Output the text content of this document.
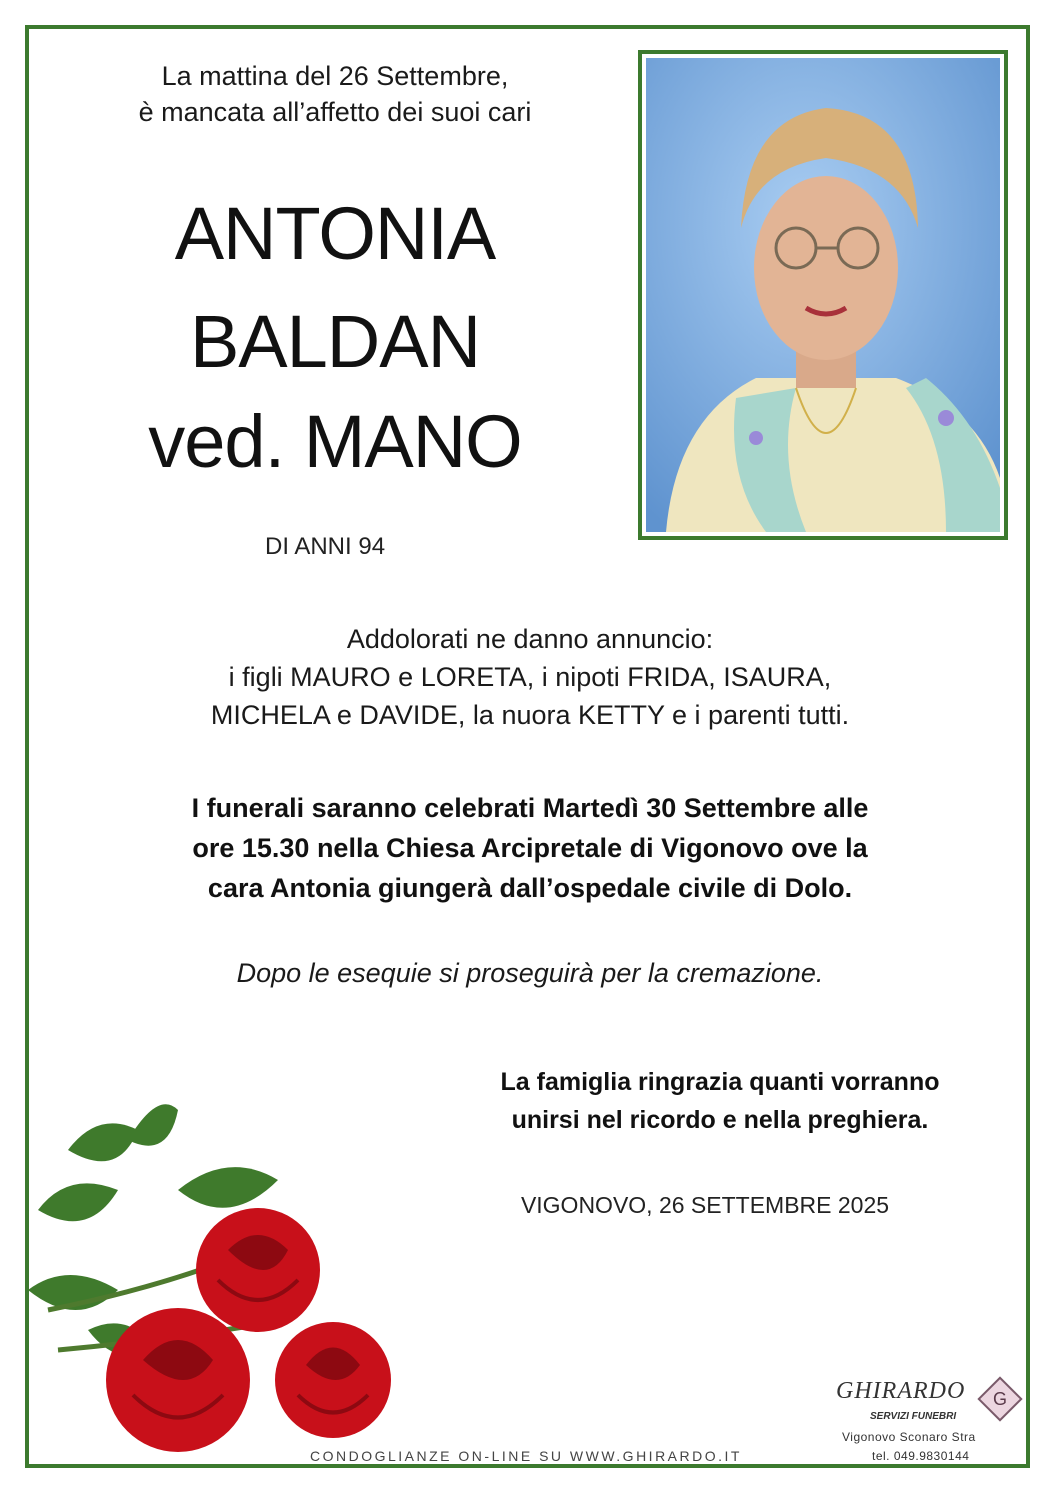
La mattina del 26 Settembre,
è mancata all’affetto dei suoi cari
ANTONIA
BALDAN
ved. MANO
DI ANNI 94
Addolorati ne danno annuncio:
i figli MAURO e LORETA, i nipoti FRIDA, ISAURA,
MICHELA e DAVIDE, la nuora KETTY e i parenti tutti.
I funerali saranno celebrati Martedì 30 Settembre alle
ore 15.30 nella Chiesa Arcipretale di Vigonovo ove la
cara Antonia giungerà dall’ospedale civile di Dolo.
Dopo le esequie si proseguirà per la cremazione.
La famiglia ringrazia quanti vorranno
unirsi nel ricordo e nella preghiera.
VIGONOVO, 26 SETTEMBRE 2025
CONDOGLIANZE ON-LINE SU WWW.GHIRARDO.IT
GHIRARDO
SERVIZI FUNEBRI
G
Vigonovo Sconaro Stra
tel. 049.9830144
